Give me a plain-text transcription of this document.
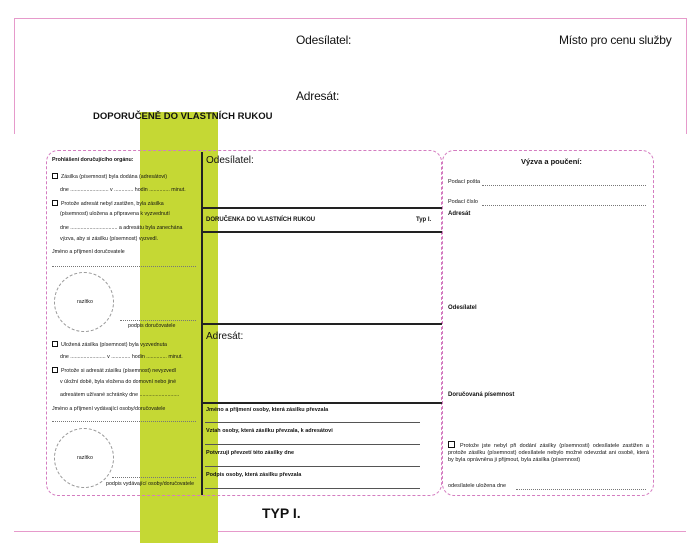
Odesílatel:	Místo pro cenu služby
Adresát:
DOPORUČENĚ DO VLASTNÍCH RUKOU
Prohlášení doručujícího orgánu:
Zásilka (písemnost) byla dodána (adresátovi)
dne .......................... v ............. hodin .............. minut.
Protože adresát nebyl zastižen, byla zásilka
(písemnost) uložena a připravena k vyzvednutí
dne ................................ a adresátu byla zanechána
výzva, aby si zásilku (písemnost) vyzvedl.
Jméno a příjmení doručovatele
razítko
podpis doručovatele
Uložená zásilka (písemnost) byla vyzvednuta
dne ........................ v ............. hodin .............. minut.
Protože si adresát zásilku (písemnost) nevyzvedl
v úložní době, byla vložena do domovní nebo jiné
adresátem užívané schránky dne ...........................
Jméno a příjmení vydávající osoby/doručovatele
razítko
podpis vydávající osoby/doručovatele
Odesílatel:
DORUČENKA DO VLASTNÍCH RUKOU	Typ I.
Adresát:
Jméno a příjmení osoby, která zásilku převzala
Vztah osoby, která zásilku převzala, k adresátovi
Potvrzuji převzetí této zásilky dne
Podpis osoby, která zásilku převzala
Výzva a poučení:
Podací pošta
Podací číslo
Adresát
Odesílatel
Doručovaná písemnost
Protože jste nebyl při dodání zásilky (písemnosti) odesílatele zastižen a protože zásilku (písemnost) odesílatele nebylo možné odevzdat ani osobě, která by byla oprávněna ji přijmout, byla zásilka (písemnost)
odesílatele uložena dne
TYP I.
